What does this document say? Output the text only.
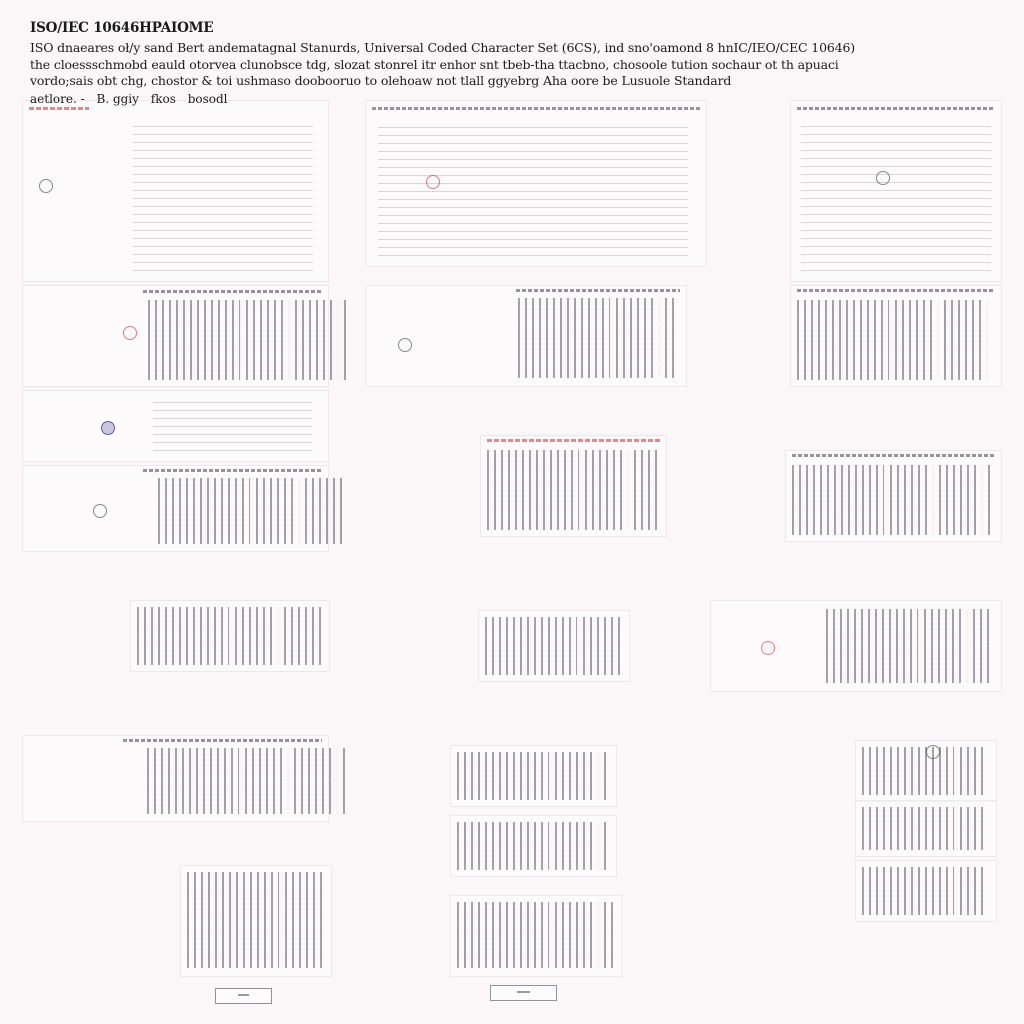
ISO/IEC 10646HPAIOME
ISO dnaeares oł∕y sand Bert andematagnal Stanurds, Universal Coded Character Set (6CS), ind sno'oamond 8 hnIC/IEO/CEC 10646)
the cloessschmobd eauld otorvea clunobsce tdg, slozat stonrel itr enhor snt tbeb-tha ttacbno, chosoole tution sochaur ot th apuaci
vordo;sais obt chg, chostor & toi ushmaso doobooruo to olehoaw not tlall ggyebrg Aha oore be Lusuole Standard
aetlore. - B. ggiy fkos bosodl
